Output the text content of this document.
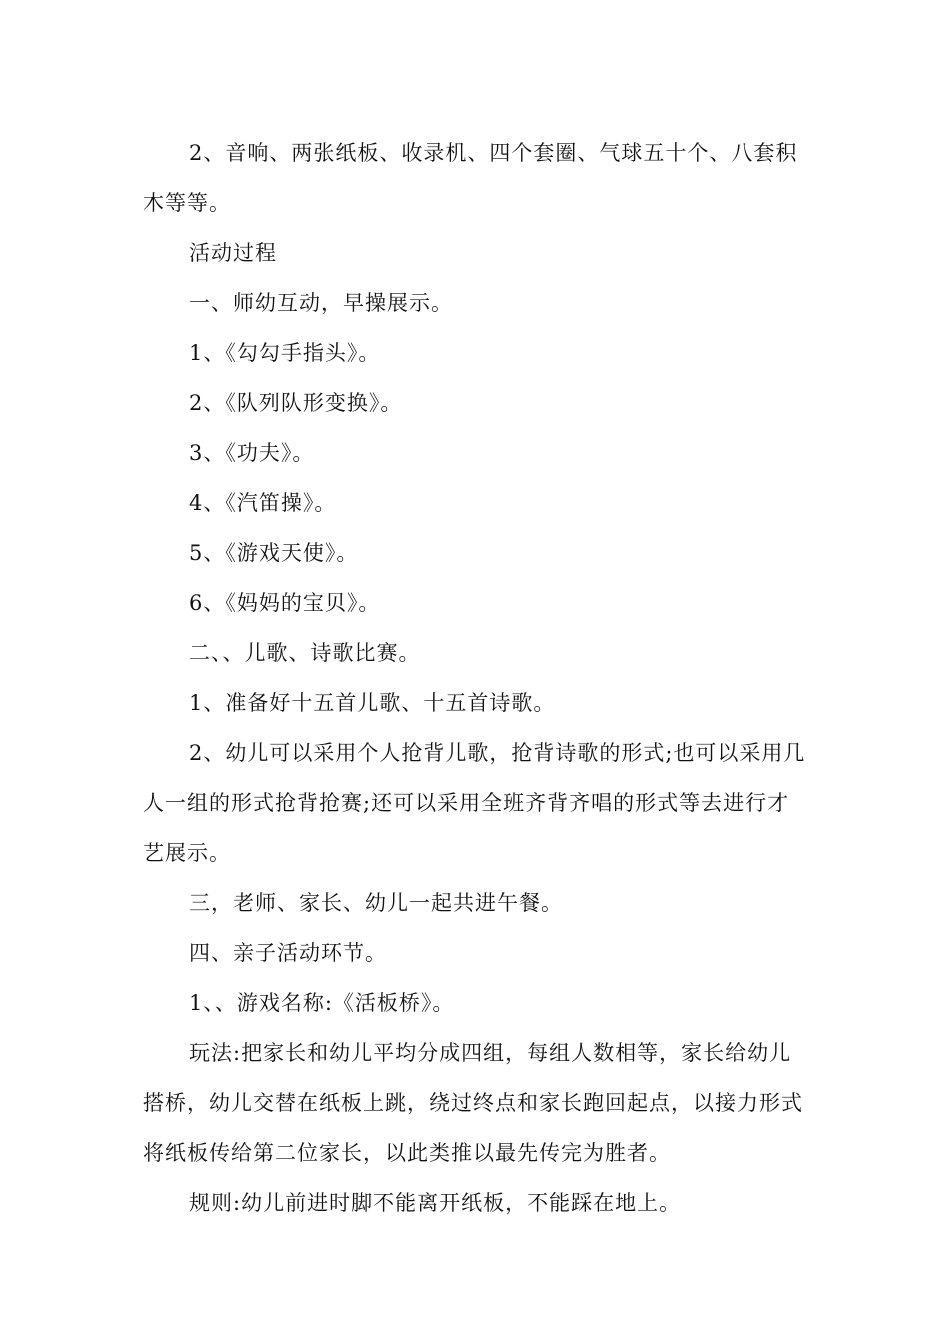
2、音响、两张纸板、收录机、四个套圈、气球五十个、八套积木等等。

活动过程

一、师幼互动，早操展示。

1、《勾勾手指头》。

2、《队列队形变换》。

3、《功夫》。

4、《汽笛操》。

5、《游戏天使》。

6、《妈妈的宝贝》。

二、、儿歌、诗歌比赛。

1、准备好十五首儿歌、十五首诗歌。

2、幼儿可以采用个人抢背儿歌，抢背诗歌的形式;也可以采用几人一组的形式抢背抢赛;还可以采用全班齐背齐唱的形式等去进行才艺展示。

三，老师、家长、幼儿一起共进午餐。

四、亲子活动环节。

1、、游戏名称:《活板桥》。

玩法:把家长和幼儿平均分成四组，每组人数相等，家长给幼儿搭桥，幼儿交替在纸板上跳，绕过终点和家长跑回起点，以接力形式将纸板传给第二位家长，以此类推以最先传完为胜者。

规则:幼儿前进时脚不能离开纸板，不能踩在地上。
